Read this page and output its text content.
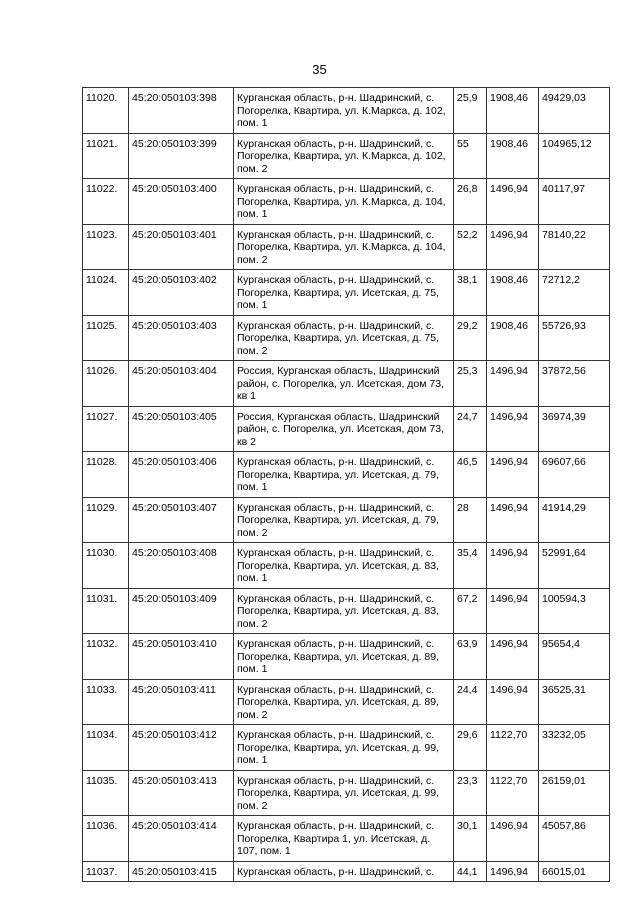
35
11020.	45:20:050103:398	Курганская область, р-н. Шадринский, с. Погорелка, Квартира, ул. К.Маркса, д. 102, пом. 1	25,9	1908,46	49429,03
11021.	45:20:050103:399	Курганская область, р-н. Шадринский, с. Погорелка, Квартира, ул. К.Маркса, д. 102, пом. 2	55	1908,46	104965,12
11022.	45:20:050103:400	Курганская область, р-н. Шадринский, с. Погорелка, Квартира, ул. К.Маркса, д. 104, пом. 1	26,8	1496,94	40117,97
11023.	45:20:050103:401	Курганская область, р-н. Шадринский, с. Погорелка, Квартира, ул. К.Маркса, д. 104, пом. 2	52,2	1496,94	78140,22
11024.	45:20:050103:402	Курганская область, р-н. Шадринский, с. Погорелка, Квартира, ул. Исетская, д. 75, пом. 1	38,1	1908,46	72712,2
11025.	45:20:050103:403	Курганская область, р-н. Шадринский, с. Погорелка, Квартира, ул. Исетская, д. 75, пом. 2	29,2	1908,46	55726,93
11026.	45:20:050103:404	Россия, Курганская область, Шадринский район, с. Погорелка, ул. Исетская, дом 73, кв 1	25,3	1496,94	37872,56
11027.	45:20:050103:405	Россия, Курганская область, Шадринский район, с. Погорелка, ул. Исетская, дом 73, кв 2	24,7	1496,94	36974,39
11028.	45:20:050103:406	Курганская область, р-н. Шадринский, с. Погорелка, Квартира, ул. Исетская, д. 79, пом. 1	46,5	1496,94	69607,66
11029.	45:20:050103:407	Курганская область, р-н. Шадринский, с. Погорелка, Квартира, ул. Исетская, д. 79, пом. 2	28	1496,94	41914,29
11030.	45:20:050103:408	Курганская область, р-н. Шадринский, с. Погорелка, Квартира, ул. Исетская, д. 83, пом. 1	35,4	1496,94	52991,64
11031.	45:20:050103:409	Курганская область, р-н. Шадринский, с. Погорелка, Квартира, ул. Исетская, д. 83, пом. 2	67,2	1496,94	100594,3
11032.	45:20:050103:410	Курганская область, р-н. Шадринский, с. Погорелка, Квартира, ул. Исетская, д. 89, пом. 1	63,9	1496,94	95654,4
11033.	45:20:050103:411	Курганская область, р-н. Шадринский, с. Погорелка, Квартира, ул. Исетская, д. 89, пом. 2	24,4	1496,94	36525,31
11034.	45:20:050103:412	Курганская область, р-н. Шадринский, с. Погорелка, Квартира, ул. Исетская, д. 99, пом. 1	29,6	1122,70	33232,05
11035.	45:20:050103:413	Курганская область, р-н. Шадринский, с. Погорелка, Квартира, ул. Исетская, д. 99, пом. 2	23,3	1122,70	26159,01
11036.	45:20:050103:414	Курганская область, р-н. Шадринский, с. Погорелка, Квартира 1, ул. Исетская, д. 107, пом. 1	30,1	1496,94	45057,86
11037.	45:20:050103:415	Курганская область, р-н. Шадринский, с.	44,1	1496,94	66015,01
